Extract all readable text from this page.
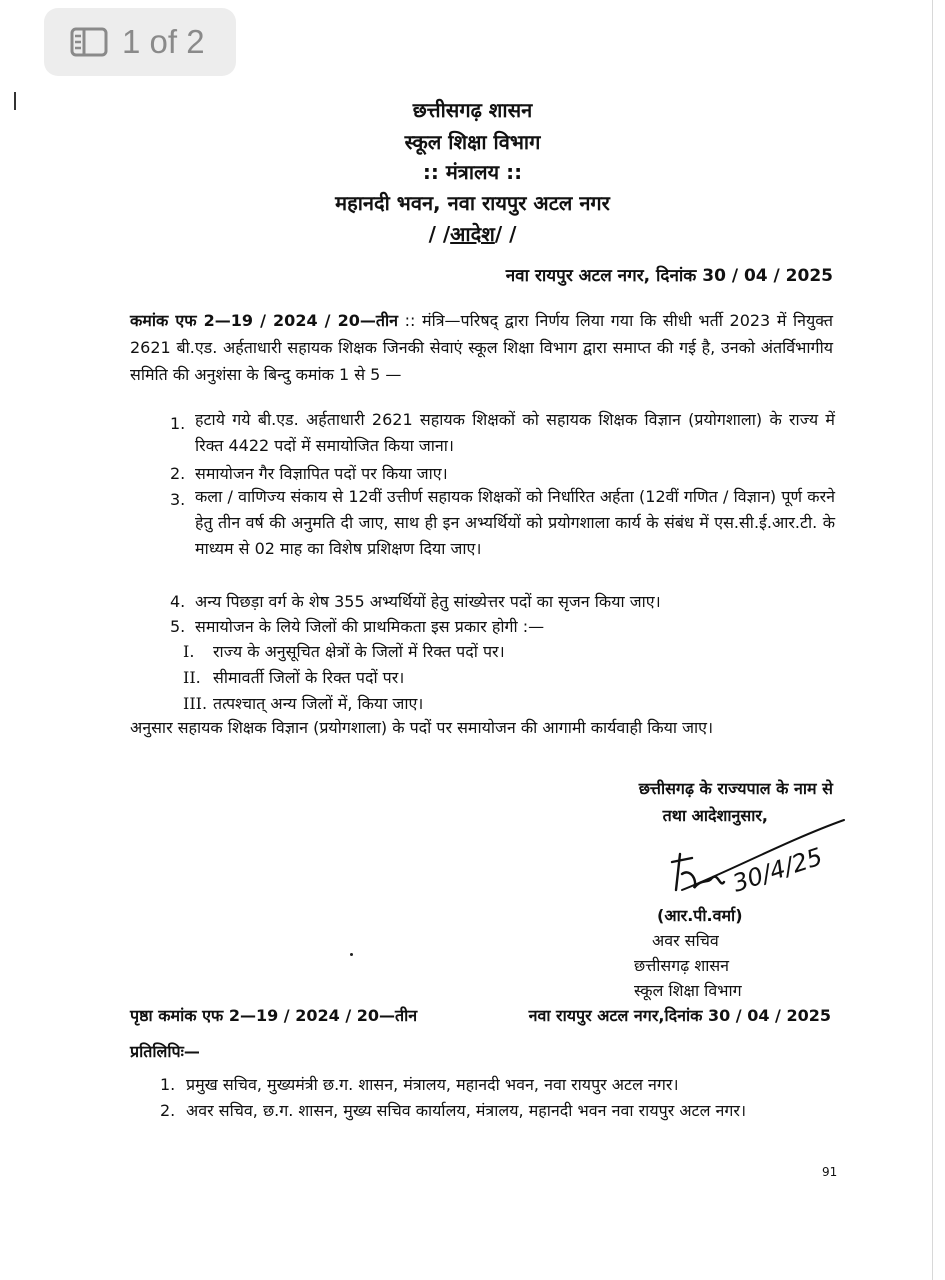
1 of 2
छत्तीसगढ़ शासन
स्कूल शिक्षा विभाग
:: मंत्रालय ::
महानदी भवन, नवा रायपुर अटल नगर
/ /आदेश/ /
नवा रायपुर अटल नगर, दिनांक 30 / 04 / 2025
कमांक एफ 2—19 / 2024 / 20—तीन :: मंत्रि—परिषद् द्वारा निर्णय लिया गया कि सीधी भर्ती 2023 में नियुक्त 2621 बी.एड. अर्हताधारी सहायक शिक्षक जिनकी सेवाएं स्कूल शिक्षा विभाग द्वारा समाप्त की गई है, उनको अंतर्विभागीय समिति की अनुशंसा के बिन्दु कमांक 1 से 5 —
1. हटाये गये बी.एड. अर्हताधारी 2621 सहायक शिक्षकों को सहायक शिक्षक विज्ञान (प्रयोगशाला) के राज्य में रिक्त 4422 पदों में समायोजित किया जाना।
2. समायोजन गैर विज्ञापित पदों पर किया जाए।
3. कला / वाणिज्य संकाय से 12वीं उत्तीर्ण सहायक शिक्षकों को निर्धारित अर्हता (12वीं गणित / विज्ञान) पूर्ण करने हेतु तीन वर्ष की अनुमति दी जाए, साथ ही इन अभ्यर्थियों को प्रयोगशाला कार्य के संबंध में एस.सी.ई.आर.टी. के माध्यम से 02 माह का विशेष प्रशिक्षण दिया जाए।
4. अन्य पिछड़ा वर्ग के शेष 355 अभ्यर्थियों हेतु सांख्येत्तर पदों का सृजन किया जाए।
5. समायोजन के लिये जिलों की प्राथमिकता इस प्रकार होगी :—
I. राज्य के अनुसूचित क्षेत्रों के जिलों में रिक्त पदों पर।
II. सीमावर्ती जिलों के रिक्त पदों पर।
III. तत्पश्चात् अन्य जिलों में, किया जाए।
अनुसार सहायक शिक्षक विज्ञान (प्रयोगशाला) के पदों पर समायोजन की आगामी कार्यवाही किया जाए।
छत्तीसगढ़ के राज्यपाल के नाम से
तथा आदेशानुसार,
30/4/25
(आर.पी.वर्मा)
अवर सचिव
छत्तीसगढ़ शासन
स्कूल शिक्षा विभाग
पृष्ठा कमांक एफ 2—19 / 2024 / 20—तीन	नवा रायपुर अटल नगर,दिनांक 30 / 04 / 2025
प्रतिलिपिः—
1. प्रमुख सचिव, मुख्यमंत्री छ.ग. शासन, मंत्रालय, महानदी भवन, नवा रायपुर अटल नगर।
2. अवर सचिव, छ.ग. शासन, मुख्य सचिव कार्यालय, मंत्रालय, महानदी भवन नवा रायपुर अटल नगर।
91
